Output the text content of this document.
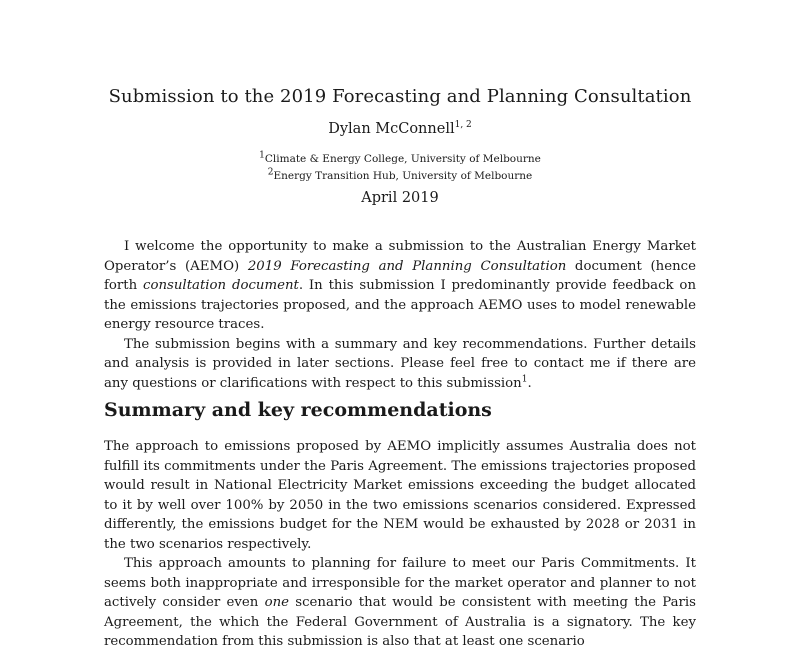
Submission to the 2019 Forecasting and Planning Consultation
Dylan McConnell$^{1, 2}$
$^1$Climate & Energy College, University of Melbourne
$^2$Energy Transition Hub, University of Melbourne
April 2019

I welcome the opportunity to make a submission to the Australian Energy Market Operator’s (AEMO) 2019 Forecasting and Planning Consultation document (hence forth consultation document. In this submission I predominantly provide feedback on the emissions trajectories proposed, and the approach AEMO uses to model renewable energy resource traces.

The submission begins with a summary and key recommendations. Further details and analysis is provided in later sections. Please feel free to contact me if there are any questions or clarifications with respect to this submission$^1$.

Summary and key recommendations

The approach to emissions proposed by AEMO implicitly assumes Australia does not fulfill its commitments under the Paris Agreement. The emissions trajectories proposed would result in National Electricity Market emissions exceeding the budget allocated to it by well over 100% by 2050 in the two emissions scenarios considered. Expressed differently, the emissions budget for the NEM would be exhausted by 2028 or 2031 in the two scenarios respectively.

This approach amounts to planning for failure to meet our Paris Commitments. It seems both inappropriate and irresponsible for the market operator and planner to not actively consider even one scenario that would be consistent with meeting the Paris Agreement, the which the Federal Government of Australia is a signatory. The key recommendation from this submission is also that at least one scenario
